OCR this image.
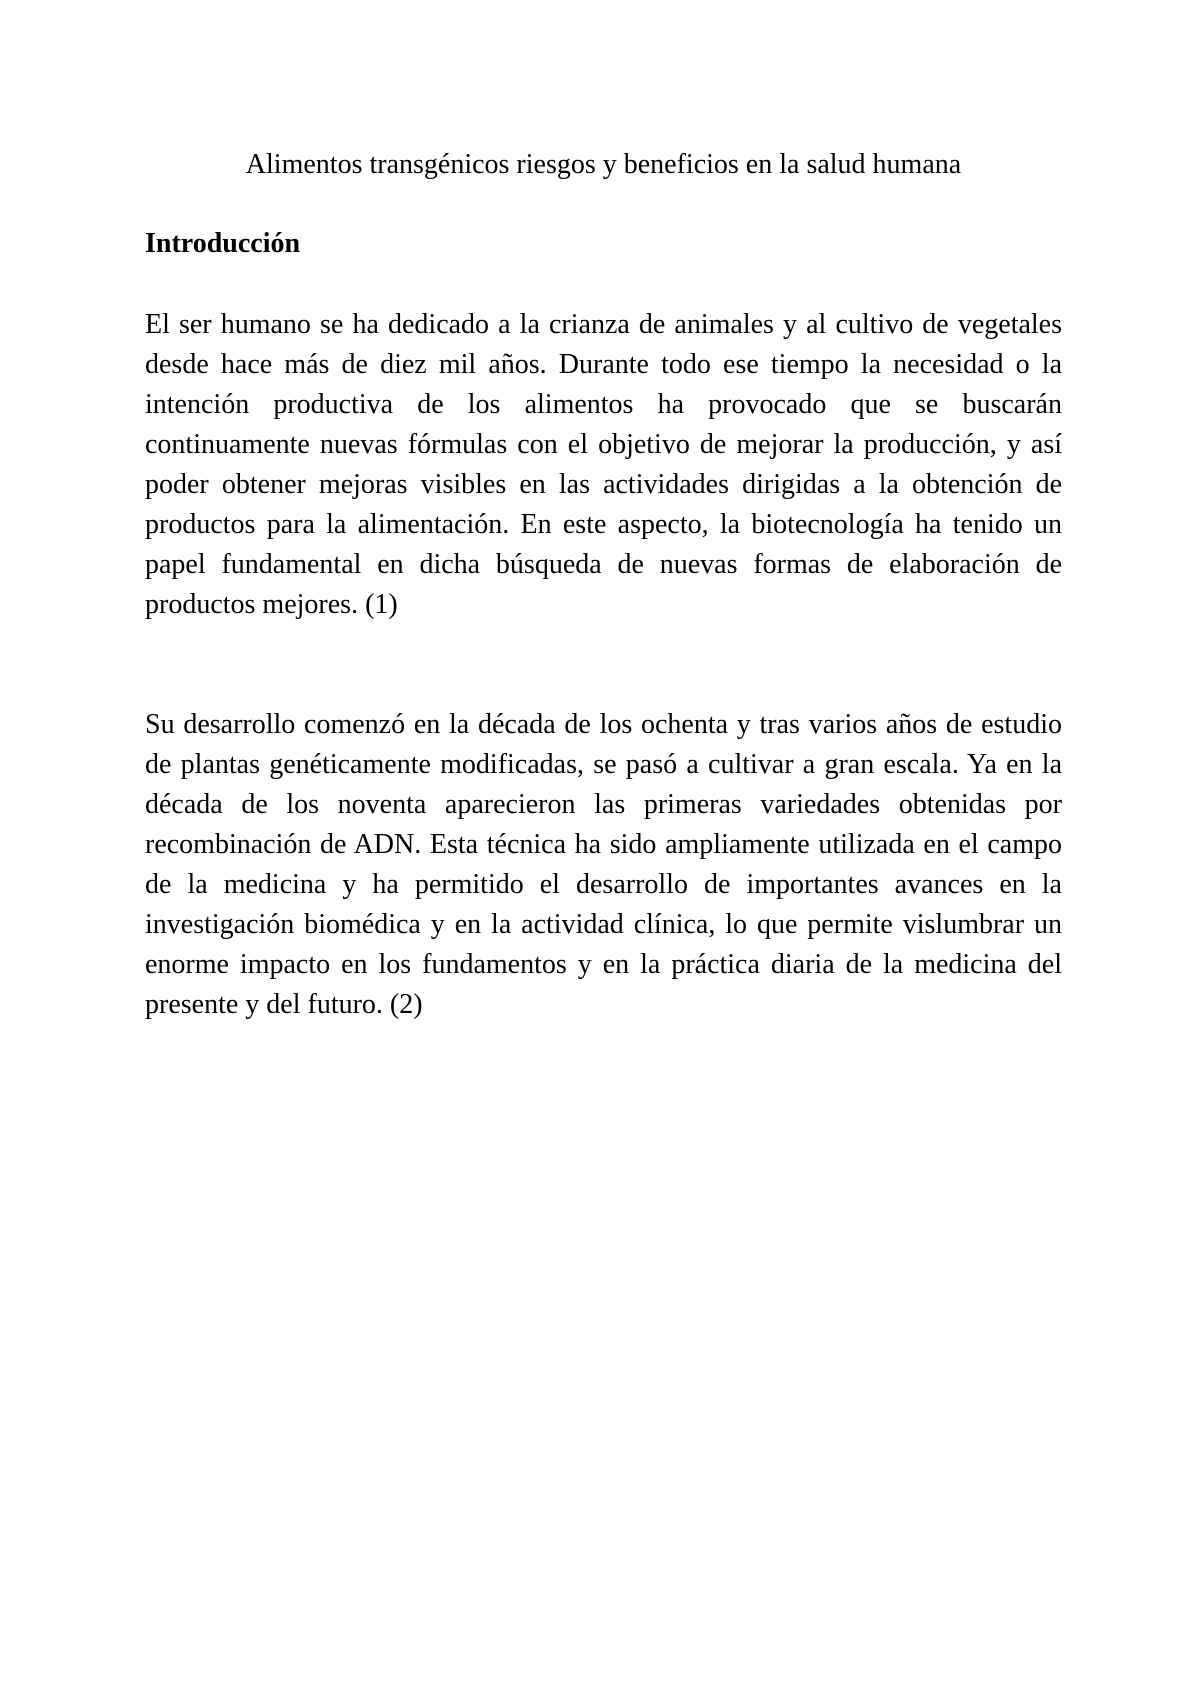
Alimentos transgénicos riesgos y beneficios en la salud humana
Introducción

El ser humano se ha dedicado a la crianza de animales y al cultivo de vegetales desde hace más de diez mil años. Durante todo ese tiempo la necesidad o la intención productiva de los alimentos ha provocado que se buscarán continuamente nuevas fórmulas con el objetivo de mejorar la producción, y así poder obtener mejoras visibles en las actividades dirigidas a la obtención de productos para la alimentación. En este aspecto, la biotecnología ha tenido un papel fundamental en dicha búsqueda de nuevas formas de elaboración de productos mejores. (1)

Su desarrollo comenzó en la década de los ochenta y tras varios años de estudio de plantas genéticamente modificadas, se pasó a cultivar a gran escala. Ya en la década de los noventa aparecieron las primeras variedades obtenidas por recombinación de ADN. Esta técnica ha sido ampliamente utilizada en el campo de la medicina y ha permitido el desarrollo de importantes avances en la investigación biomédica y en la actividad clínica, lo que permite vislumbrar un enorme impacto en los fundamentos y en la práctica diaria de la medicina del presente y del futuro. (2)
